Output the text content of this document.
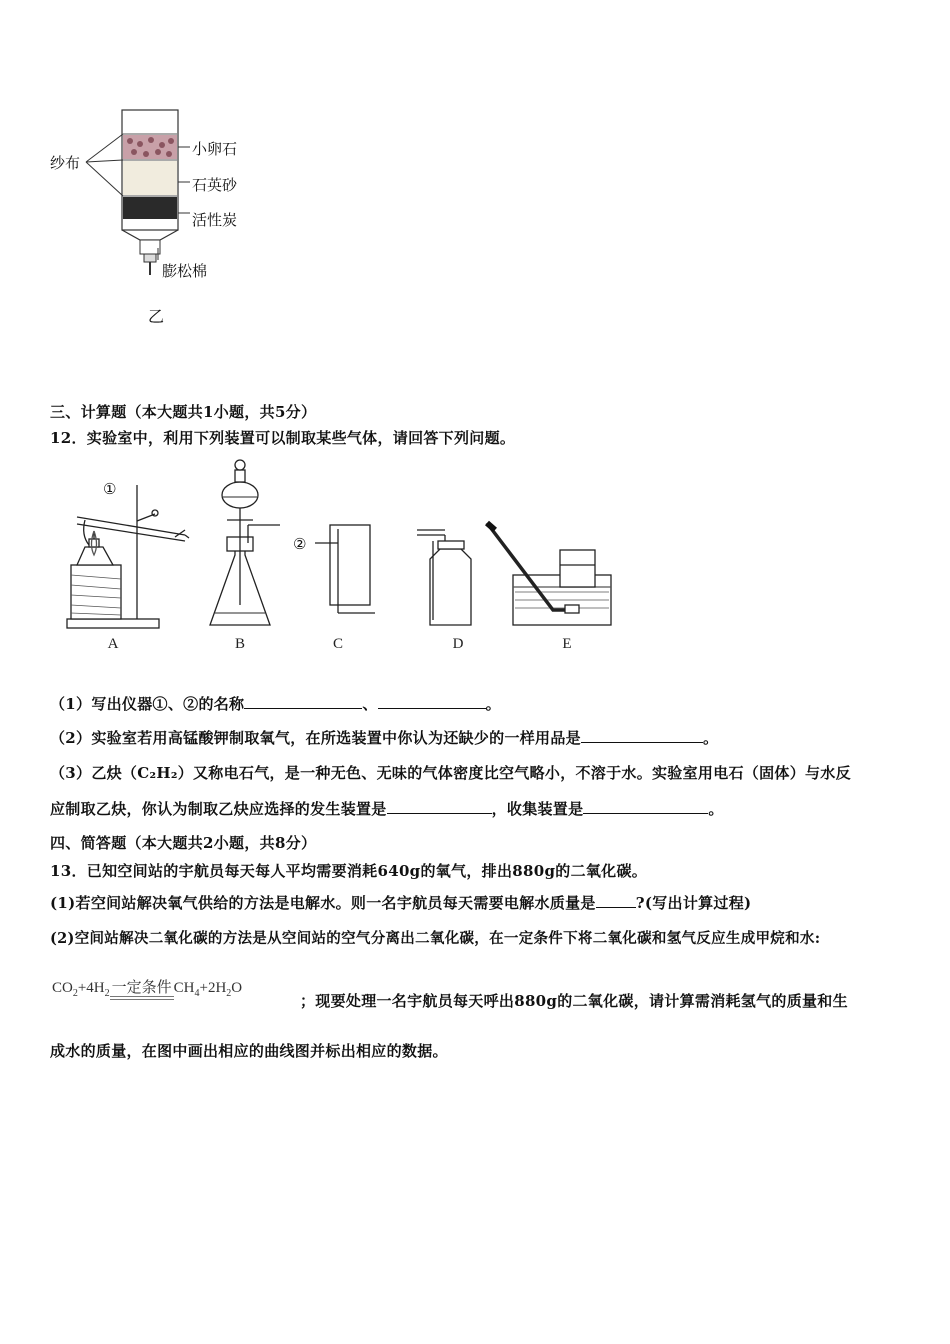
纱布
小卵石
石英砂
活性炭
膨松棉
乙
三、计算题（本大题共1小题，共5分）
12．实验室中，利用下列装置可以制取某些气体，请回答下列问题。
A	B	C	D	E
①
②
（1）写出仪器①、②的名称	、	。
（2）实验室若用高锰酸钾制取氧气，在所选装置中你认为还缺少的一样用品是	。
（3）乙炔（C₂H₂）又称电石气，是一种无色、无味的气体密度比空气略小，不溶于水。实验室用电石（固体）与水反
应制取乙炔，你认为制取乙炔应选择的发生装置是	，收集装置是	。
四、简答题（本大题共2小题，共8分）
13．已知空间站的宇航员每天每人平均需要消耗640g的氧气，排出880g的二氧化碳。
(1)若空间站解决氧气供给的方法是电解水。则一名宇航员每天需要电解水质量是	?(写出计算过程)
(2)空间站解决二氧化碳的方法是从空间站的空气分离出二氧化碳，在一定条件下将二氧化碳和氢气反应生成甲烷和水:
$CO_2+4H_2$ 一定条件 $CH_4+2H_2O$
；现要处理一名宇航员每天呼出880g的二氧化碳，请计算需消耗氢气的质量和生
成水的质量，在图中画出相应的曲线图并标出相应的数据。
